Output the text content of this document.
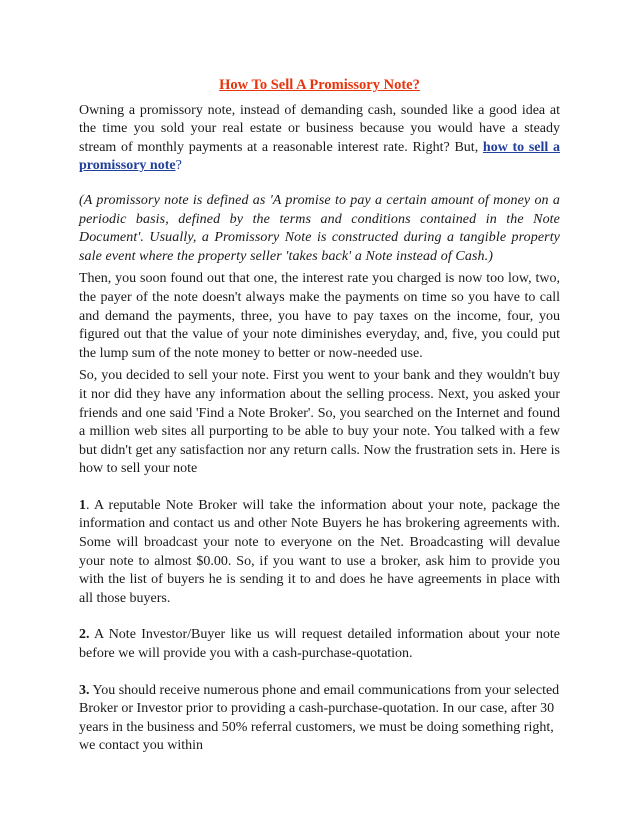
How To Sell A Promissory Note?

Owning a promissory note, instead of demanding cash, sounded like a good idea at the time you sold your real estate or business because you would have a steady stream of monthly payments at a reasonable interest rate. Right? But, how to sell a promissory note?

(A promissory note is defined as 'A promise to pay a certain amount of money on a periodic basis, defined by the terms and conditions contained in the Note Document'. Usually, a Promissory Note is constructed during a tangible property sale event where the property seller 'takes back' a Note instead of Cash.)

Then, you soon found out that one, the interest rate you charged is now too low, two, the payer of the note doesn't always make the payments on time so you have to call and demand the payments, three, you have to pay taxes on the income, four, you figured out that the value of your note diminishes everyday, and, five, you could put the lump sum of the note money to better or now-needed use.

So, you decided to sell your note. First you went to your bank and they wouldn't buy it nor did they have any information about the selling process. Next, you asked your friends and one said 'Find a Note Broker'. So, you searched on the Internet and found a million web sites all purporting to be able to buy your note. You talked with a few but didn't get any satisfaction nor any return calls. Now the frustration sets in. Here is how to sell your note

1. A reputable Note Broker will take the information about your note, package the information and contact us and other Note Buyers he has brokering agreements with. Some will broadcast your note to everyone on the Net. Broadcasting will devalue your note to almost $0.00. So, if you want to use a broker, ask him to provide you with the list of buyers he is sending it to and does he have agreements in place with all those buyers.

2. A Note Investor/Buyer like us will request detailed information about your note before we will provide you with a cash-purchase-quotation.

3. You should receive numerous phone and email communications from your selected Broker or Investor prior to providing a cash-purchase-quotation. In our case, after 30 years in the business and 50% referral customers, we must be doing something right, we contact you within
